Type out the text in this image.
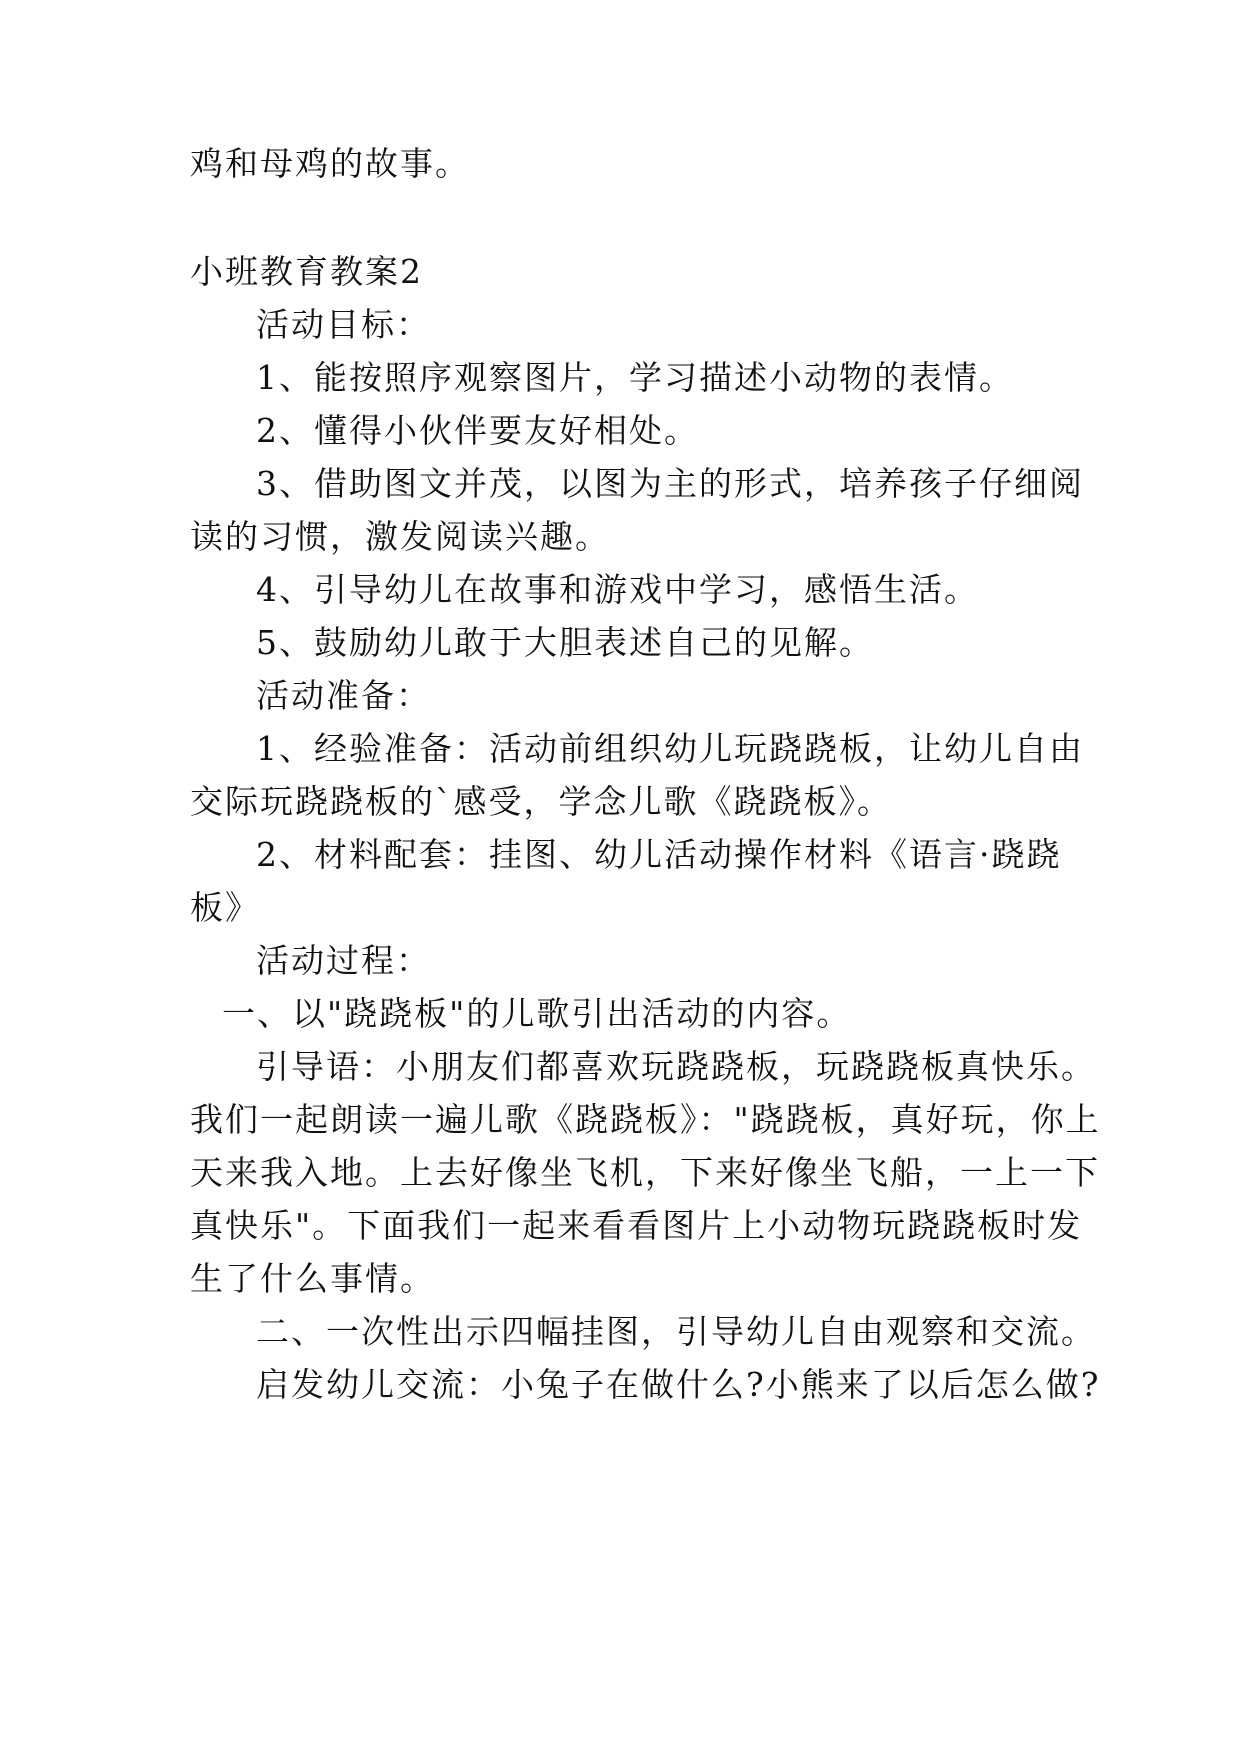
鸡和母鸡的故事。
小班教育教案2
活动目标：
1、能按照序观察图片，学习描述小动物的表情。
2、懂得小伙伴要友好相处。
3、借助图文并茂，以图为主的形式，培养孩子仔细阅
读的习惯，激发阅读兴趣。
4、引导幼儿在故事和游戏中学习，感悟生活。
5、鼓励幼儿敢于大胆表述自己的见解。
活动准备：
1、经验准备：活动前组织幼儿玩跷跷板，让幼儿自由
交际玩跷跷板的`感受，学念儿歌《跷跷板》。
2、材料配套：挂图、幼儿活动操作材料《语言·跷跷
板》
活动过程：
一、以"跷跷板"的儿歌引出活动的内容。
引导语：小朋友们都喜欢玩跷跷板，玩跷跷板真快乐。
我们一起朗读一遍儿歌《跷跷板》："跷跷板，真好玩，你上
天来我入地。上去好像坐飞机，下来好像坐飞船，一上一下
真快乐"。下面我们一起来看看图片上小动物玩跷跷板时发
生了什么事情。
二、一次性出示四幅挂图，引导幼儿自由观察和交流。
启发幼儿交流：小兔子在做什么?小熊来了以后怎么做?
